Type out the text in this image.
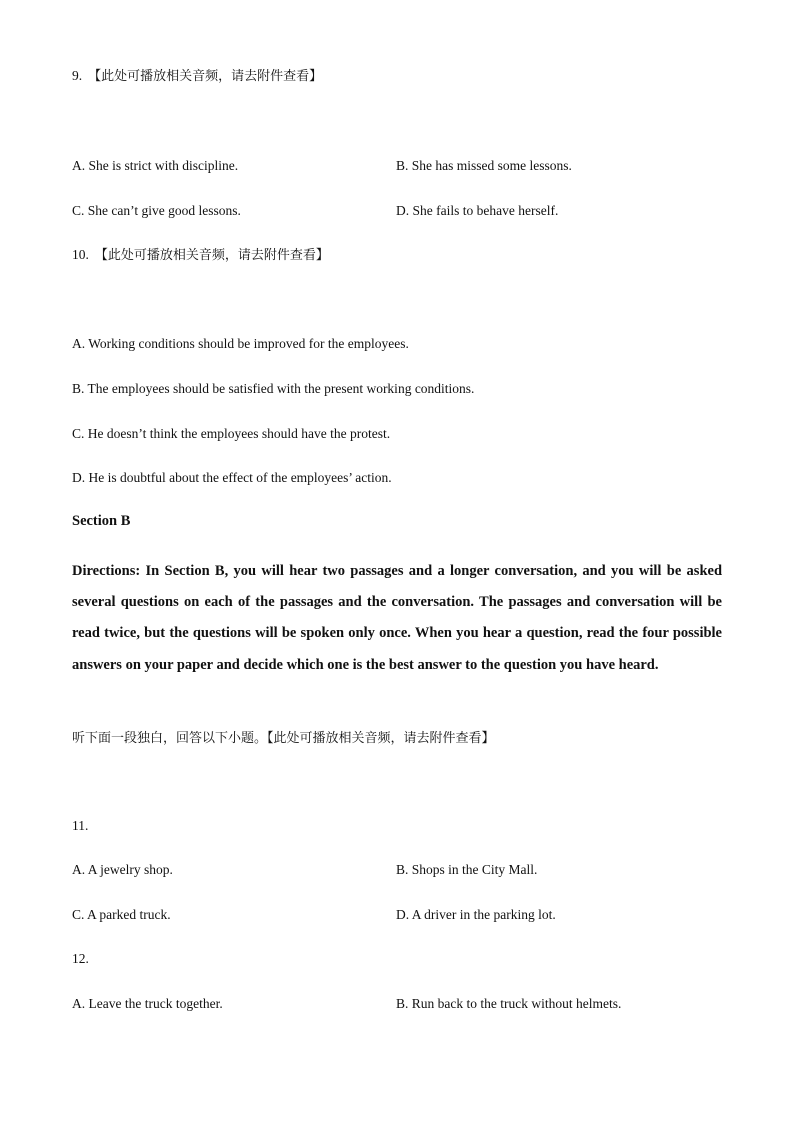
9. 【此处可播放相关音频，请去附件查看】
A. She is strict with discipline.	B. She has missed some lessons.
C. She can’t give good lessons.	D. She fails to behave herself.
10. 【此处可播放相关音频，请去附件查看】
A. Working conditions should be improved for the employees.
B. The employees should be satisfied with the present working conditions.
C. He doesn’t think the employees should have the protest.
D. He is doubtful about the effect of the employees’ action.
Section B
Directions: In Section B, you will hear two passages and a longer conversation, and you will be asked several questions on each of the passages and the conversation. The passages and conversation will be read twice, but the questions will be spoken only once. When you hear a question, read the four possible answers on your paper and decide which one is the best answer to the question you have heard.
听下面一段独白，回答以下小题。【此处可播放相关音频，请去附件查看】
11.
A. A jewelry shop.	B. Shops in the City Mall.
C. A parked truck.	D. A driver in the parking lot.
12.
A. Leave the truck together.	B. Run back to the truck without helmets.
